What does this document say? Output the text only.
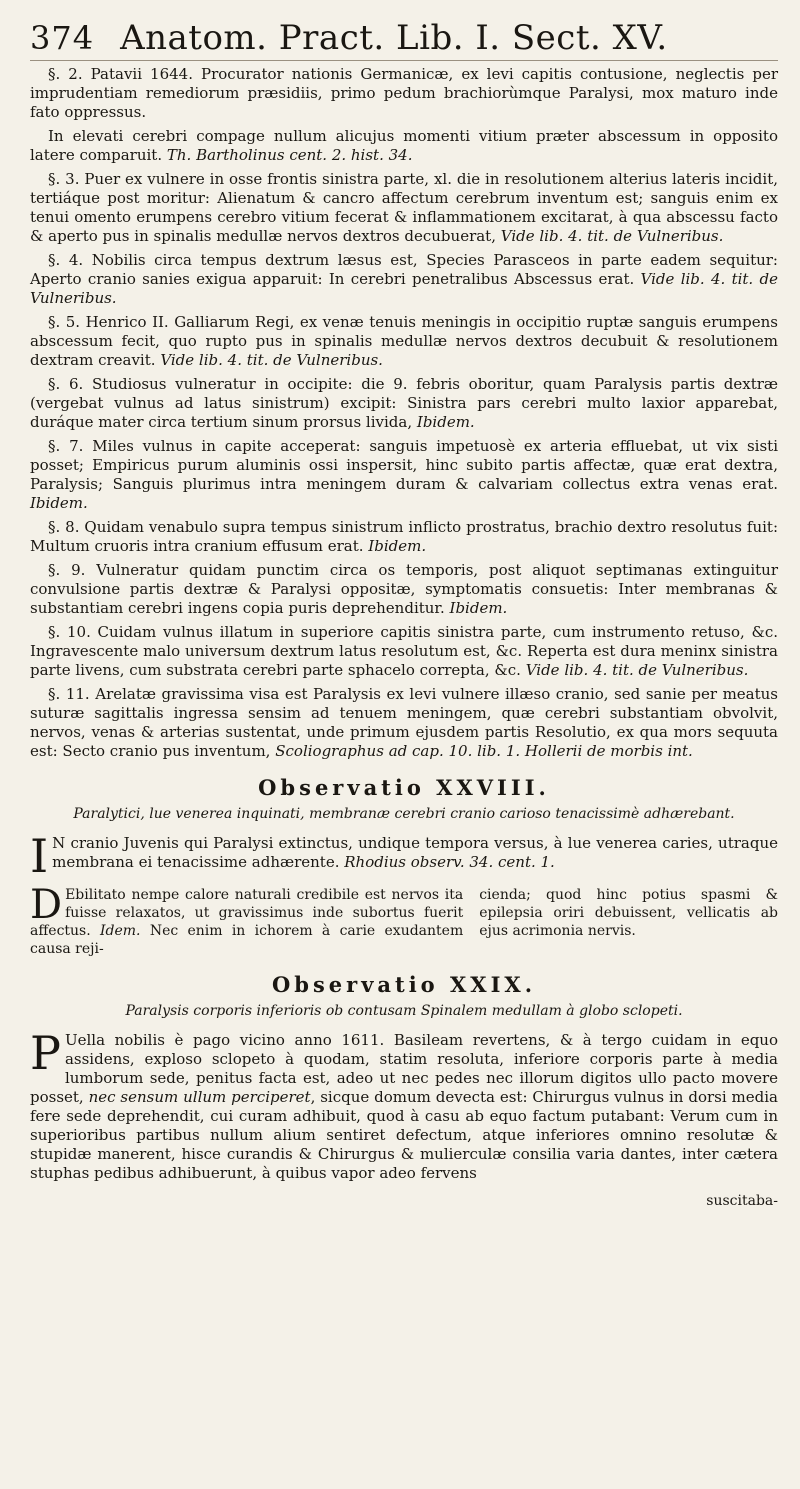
374 Anatom. Pract. Lib. I. Sect. XV.

§. 2. Patavii 1644. Procurator nationis Germanicæ, ex levi capitis contusione, neglectis per imprudentiam remediorum præsidiis, primo pedum brachiorùmque Paralysi, mox maturo inde fato oppressus.

In elevati cerebri compage nullum alicujus momenti vitium præter abscessum in opposito latere comparuit. Th. Bartholinus cent. 2. hist. 34.

§. 3. Puer ex vulnere in osse frontis sinistra parte, xl. die in resolutionem alterius lateris incidit, tertiáque post moritur: Alienatum & cancro affectum cerebrum inventum est; sanguis enim ex tenui omento erumpens cerebro vitium fecerat & inflammationem excitarat, à qua abscessu facto & aperto pus in spinalis medullæ nervos dextros decubuerat, Vide lib. 4. tit. de Vulneribus.

§. 4. Nobilis circa tempus dextrum læsus est, Species Parasceos in parte eadem sequitur: Aperto cranio sanies exigua apparuit: In cerebri penetralibus Abscessus erat. Vide lib. 4. tit. de Vulneribus.

§. 5. Henrico II. Galliarum Regi, ex venæ tenuis meningis in occipitio ruptæ sanguis erumpens abscessum fecit, quo rupto pus in spinalis medullæ nervos dextros decubuit & resolutionem dextram creavit. Vide lib. 4. tit. de Vulneribus.

§. 6. Studiosus vulneratur in occipite: die 9. febris oboritur, quam Paralysis partis dextræ (vergebat vulnus ad latus sinistrum) excipit: Sinistra pars cerebri multo laxior apparebat, duráque mater circa tertium sinum prorsus livida, Ibidem.

§. 7. Miles vulnus in capite acceperat: sanguis impetuosè ex arteria effluebat, ut vix sisti posset; Empiricus purum aluminis ossi inspersit, hinc subito partis affectæ, quæ erat dextra, Paralysis; Sanguis plurimus intra meningem duram & calvariam collectus extra venas erat. Ibidem.

§. 8. Quidam venabulo supra tempus sinistrum inflicto prostratus, brachio dextro resolutus fuit: Multum cruoris intra cranium effusum erat. Ibidem.

§. 9. Vulneratur quidam punctim circa os temporis, post aliquot septimanas extinguitur convulsione partis dextræ & Paralysi oppositæ, symptomatis consuetis: Inter membranas & substantiam cerebri ingens copia puris deprehenditur. Ibidem.

§. 10. Cuidam vulnus illatum in superiore capitis sinistra parte, cum instrumento retuso, &c. Ingravescente malo universum dextrum latus resolutum est, &c. Reperta est dura meninx sinistra parte livens, cum substrata cerebri parte sphacelo correpta, &c. Vide lib. 4. tit. de Vulneribus.

§. 11. Arelatæ gravissima visa est Paralysis ex levi vulnere illæso cranio, sed sanie per meatus suturæ sagittalis ingressa sensim ad tenuem meningem, quæ cerebri substantiam obvolvit, nervos, venas & arterias sustentat, unde primum ejusdem partis Resolutio, ex qua mors sequuta est: Secto cranio pus inventum, Scoliographus ad cap. 10. lib. 1. Hollerii de morbis int.

Observatio XXVIII.
Paralytici, lue venerea inquinati, membranæ cerebri cranio carioso tenacissimè adhærebant.
I N cranio Juvenis qui Paralysi extinctus, undique tempora versus, à lue venerea caries, utraque membrana ei tenacissime adhærente. Rhodius observ. 34. cent. 1.
D Ebilitato nempe calore naturali credibile est nervos ita fuisse relaxatos, ut gravissimus inde subortus fuerit affectus. Idem. Nec enim in ichorem à carie exudantem causa reji-
cienda; quod hinc potius spasmi & epilepsia oriri debuissent, vellicatis ab ejus acrimonia nervis.
Observatio XXIX.
Paralysis corporis inferioris ob contusam Spinalem medullam à globo sclopeti.
P Uella nobilis è pago vicino anno 1611. Basileam revertens, & à tergo cuidam in equo assidens, exploso sclopeto à quodam, statim resoluta, inferiore corporis parte à media lumborum sede, penitus facta est, adeo ut nec pedes nec illorum digitos ullo pacto movere posset, nec sensum ullum perciperet, sicque domum devecta est: Chirurgus vulnus in dorsi media fere sede deprehendit, cui curam adhibuit, quod à casu ab equo factum putabant: Verum cum in superioribus partibus nullum alium sentiret defectum, atque inferiores omnino resolutæ & stupidæ manerent, hisce curandis & Chirurgus & mulierculæ consilia varia dantes, inter cætera stuphas pedibus adhibuerunt, à quibus vapor adeo fervens
suscitaba-
